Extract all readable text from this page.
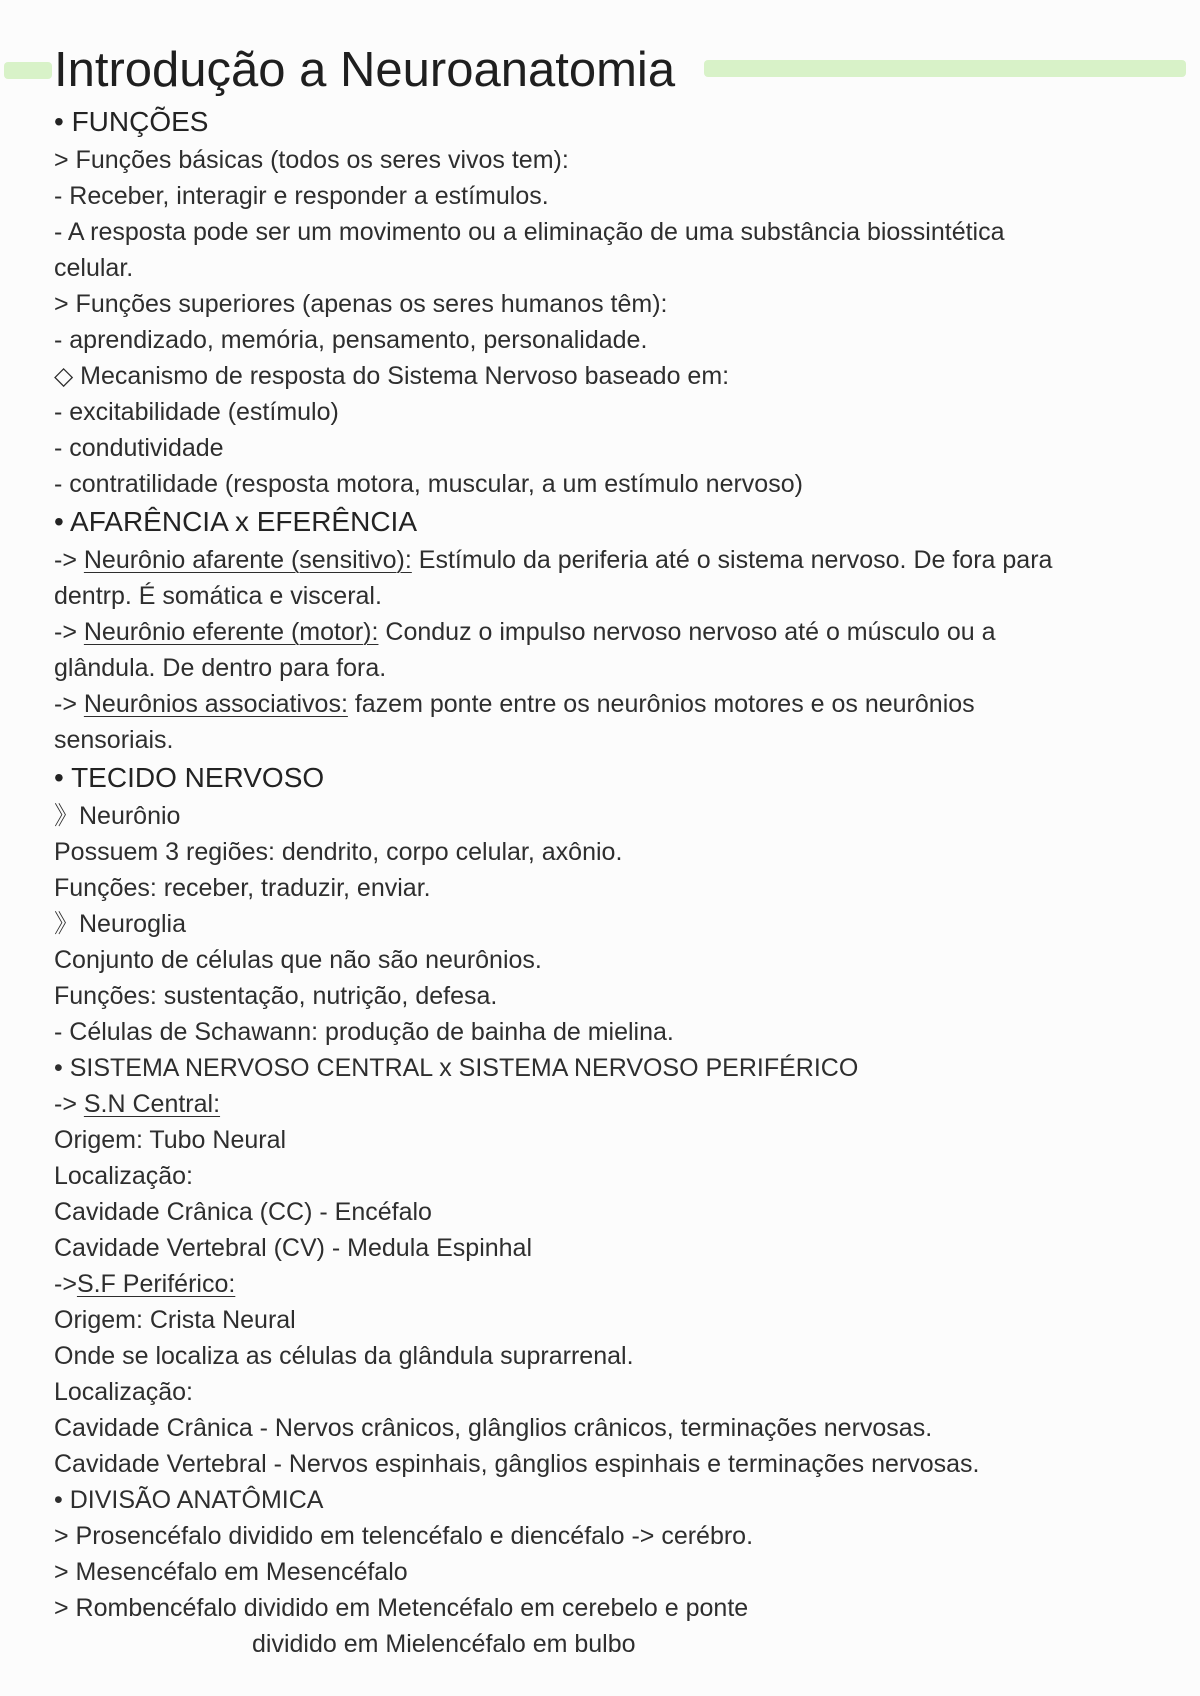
Introdução a Neuroanatomia
• FUNÇÕES
> Funções básicas (todos os seres vivos tem):
- Receber, interagir e responder a estímulos.
- A resposta pode ser um movimento ou a eliminação de uma substância biossintética
celular.
> Funções superiores (apenas os seres humanos têm):
- aprendizado, memória, pensamento, personalidade.
◇ Mecanismo de resposta do Sistema Nervoso baseado em:
- excitabilidade (estímulo)
- condutividade
- contratilidade (resposta motora, muscular, a um estímulo nervoso)
• AFARÊNCIA x EFERÊNCIA
-> Neurônio afarente (sensitivo): Estímulo da periferia até o sistema nervoso. De fora para
dentrp. É somática e visceral.
-> Neurônio eferente (motor): Conduz o impulso nervoso nervoso até o músculo ou a
glândula. De dentro para fora.
-> Neurônios associativos: fazem ponte entre os neurônios motores e os neurônios
sensoriais.
• TECIDO NERVOSO
》Neurônio
Possuem 3 regiões: dendrito, corpo celular, axônio.
Funções: receber, traduzir, enviar.
》Neuroglia
Conjunto de células que não são neurônios.
Funções: sustentação, nutrição, defesa.
- Células de Schawann: produção de bainha de mielina.
• SISTEMA NERVOSO CENTRAL x SISTEMA NERVOSO PERIFÉRICO
-> S.N Central:
Origem: Tubo Neural
Localização:
Cavidade Crânica (CC) - Encéfalo
Cavidade Vertebral (CV) - Medula Espinhal
->S.F Periférico:
Origem: Crista Neural
Onde se localiza as células da glândula suprarrenal.
Localização:
Cavidade Crânica - Nervos crânicos, glânglios crânicos, terminações nervosas.
Cavidade Vertebral - Nervos espinhais, gânglios espinhais e terminações nervosas.
• DIVISÃO ANATÔMICA
> Prosencéfalo dividido em telencéfalo e diencéfalo -> cerébro.
> Mesencéfalo em Mesencéfalo
> Rombencéfalo dividido em Metencéfalo em cerebelo e ponte
dividido em Mielencéfalo em bulbo
